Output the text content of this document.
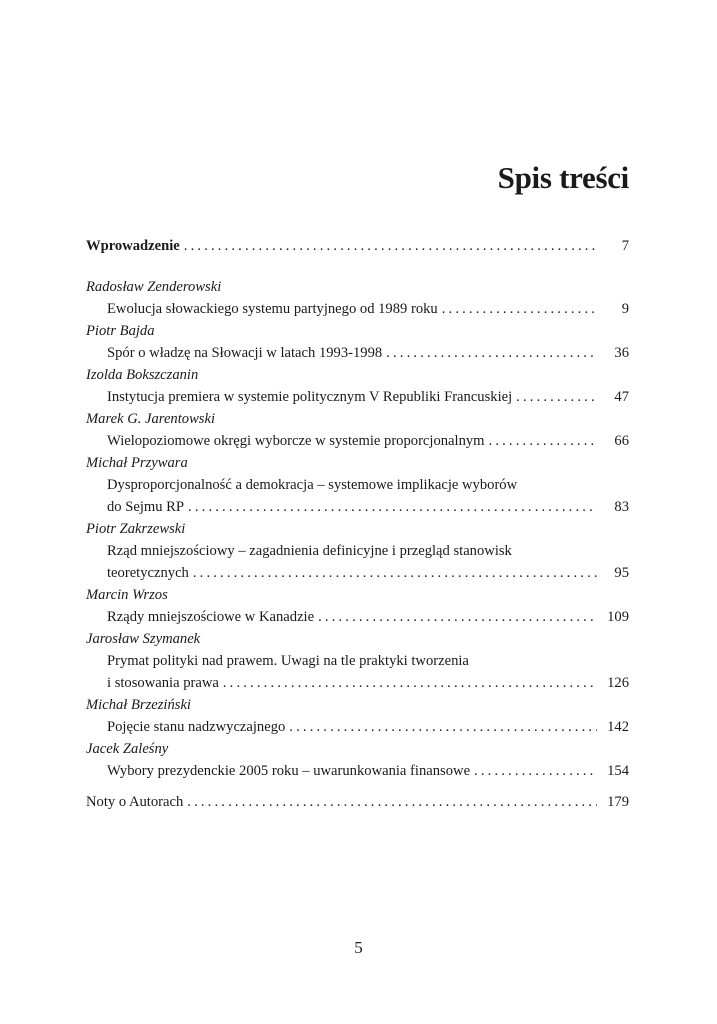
Spis treści
Wprowadzenie . . .	7
Radosław Zenderowski
Ewolucja słowackiego systemu partyjnego od 1989 roku . . .	9
Piotr Bajda
Spór o władzę na Słowacji w latach 1993-1998 . . .	36
Izolda Bokszczanin
Instytucja premiera w systemie politycznym V Republiki Francuskiej . . .	47
Marek G. Jarentowski
Wielopoziomowe okręgi wyborcze w systemie proporcjonalnym . . .	66
Michał Przywara
Dysproporcjonalność a demokracja – systemowe implikacje wyborów
do Sejmu RP . . .	83
Piotr Zakrzewski
Rząd mniejszościowy – zagadnienia definicyjne i przegląd stanowisk
teoretycznych . . .	95
Marcin Wrzos
Rządy mniejszościowe w Kanadzie . . .	109
Jarosław Szymanek
Prymat polityki nad prawem. Uwagi na tle praktyki tworzenia
i stosowania prawa . . .	126
Michał Brzeziński
Pojęcie stanu nadzwyczajnego . . .	142
Jacek Zaleśny
Wybory prezydenckie 2005 roku – uwarunkowania finansowe . . .	154
Noty o Autorach . . .	179
5
